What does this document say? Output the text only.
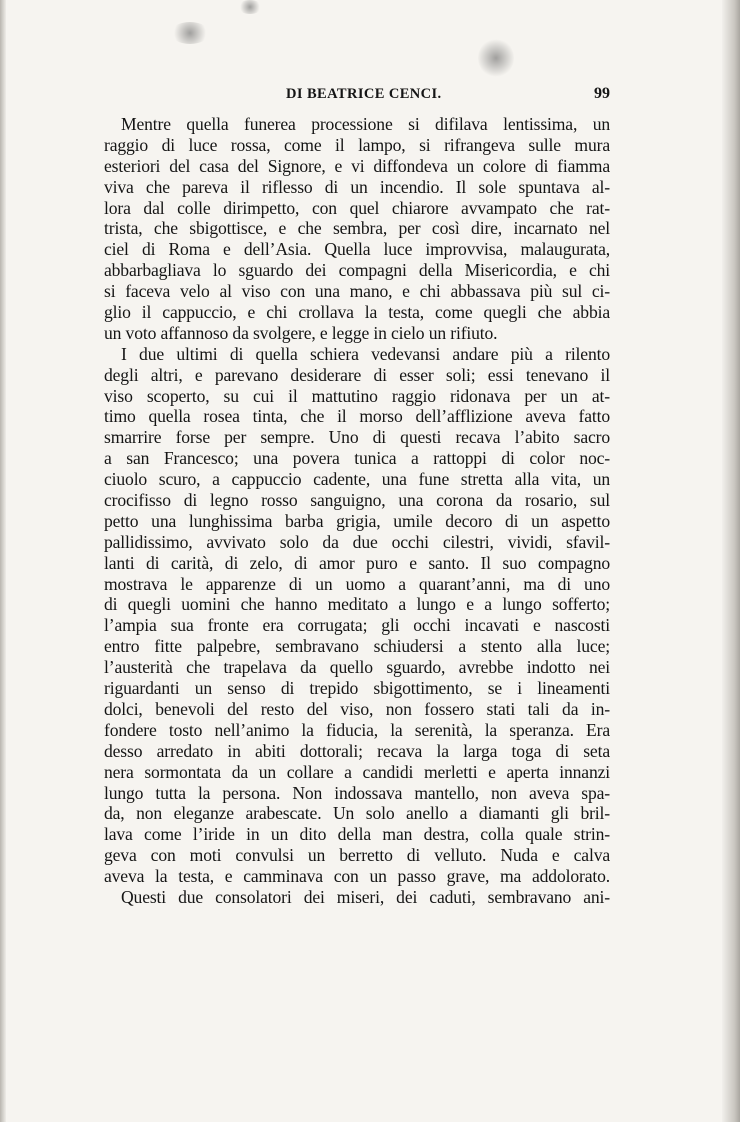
DI BEATRICE CENCI.	99
Mentre quella funerea processione si difilava lentissima, un
raggio di luce rossa, come il lampo, si rifrangeva sulle mura
esteriori del casa del Signore, e vi diffondeva un colore di fiamma
viva che pareva il riflesso di un incendio. Il sole spuntava al-
lora dal colle dirimpetto, con quel chiarore avvampato che rat-
trista, che sbigottisce, e che sembra, per così dire, incarnato nel
ciel di Roma e dell’Asia. Quella luce improvvisa, malaugurata,
abbarbagliava lo sguardo dei compagni della Misericordia, e chi
si faceva velo al viso con una mano, e chi abbassava più sul ci-
glio il cappuccio, e chi crollava la testa, come quegli che abbia
un voto affannoso da svolgere, e legge in cielo un rifiuto.
I due ultimi di quella schiera vedevansi andare più a rilento
degli altri, e parevano desiderare di esser soli; essi tenevano il
viso scoperto, su cui il mattutino raggio ridonava per un at-
timo quella rosea tinta, che il morso dell’afflizione aveva fatto
smarrire forse per sempre. Uno di questi recava l’abito sacro
a san Francesco; una povera tunica a rattoppi di color noc-
ciuolo scuro, a cappuccio cadente, una fune stretta alla vita, un
crocifisso di legno rosso sanguigno, una corona da rosario, sul
petto una lunghissima barba grigia, umile decoro di un aspetto
pallidissimo, avvivato solo da due occhi cilestri, vividi, sfavil-
lanti di carità, di zelo, di amor puro e santo. Il suo compagno
mostrava le apparenze di un uomo a quarant’anni, ma di uno
di quegli uomini che hanno meditato a lungo e a lungo sofferto;
l’ampia sua fronte era corrugata; gli occhi incavati e nascosti
entro fitte palpebre, sembravano schiudersi a stento alla luce;
l’austerità che trapelava da quello sguardo, avrebbe indotto nei
riguardanti un senso di trepido sbigottimento, se i lineamenti
dolci, benevoli del resto del viso, non fossero stati tali da in-
fondere tosto nell’animo la fiducia, la serenità, la speranza. Era
desso arredato in abiti dottorali; recava la larga toga di seta
nera sormontata da un collare a candidi merletti e aperta innanzi
lungo tutta la persona. Non indossava mantello, non aveva spa-
da, non eleganze arabescate. Un solo anello a diamanti gli bril-
lava come l’iride in un dito della man destra, colla quale strin-
geva con moti convulsi un berretto di velluto. Nuda e calva
aveva la testa, e camminava con un passo grave, ma addolorato.
Questi due consolatori dei miseri, dei caduti, sembravano ani-
